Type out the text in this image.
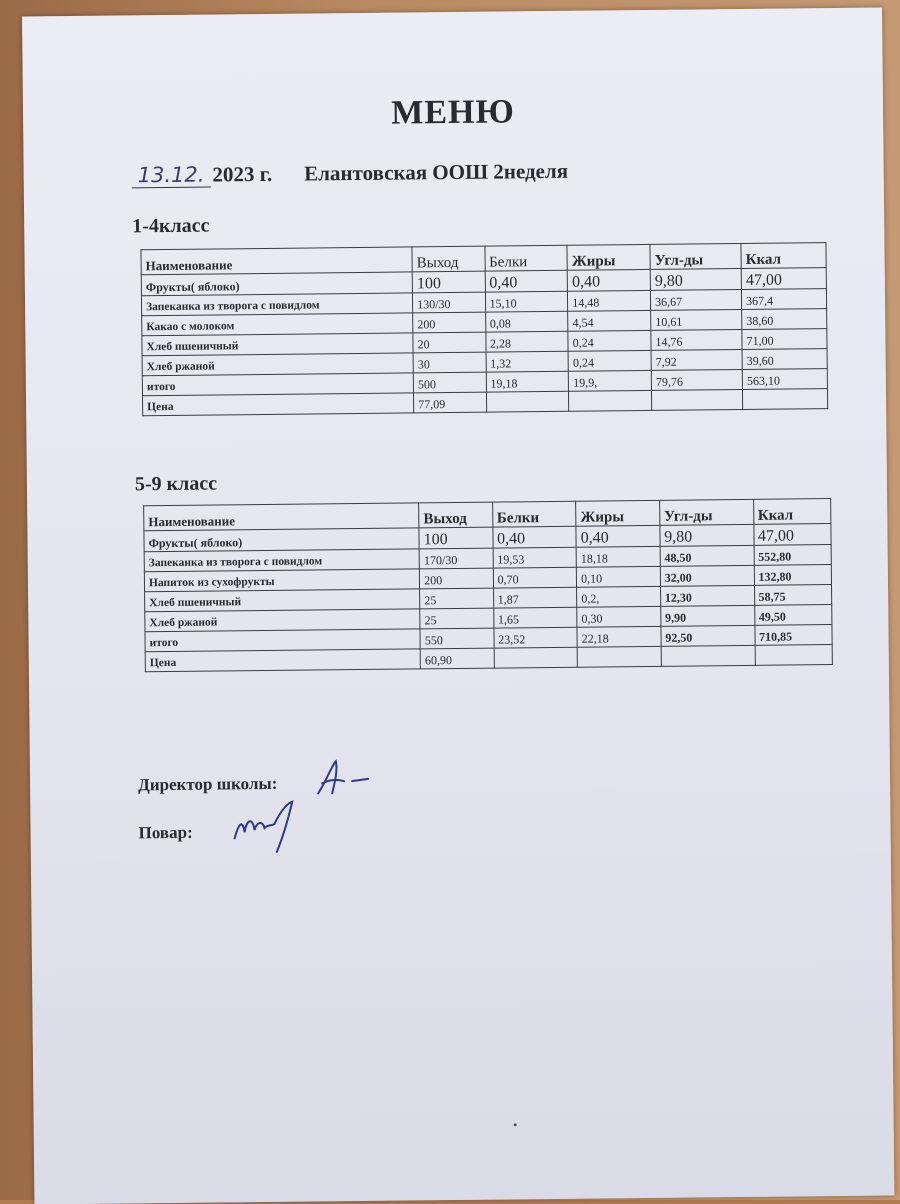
МЕНЮ
13.12. 2023 г. Елантовская ООШ 2неделя
1-4класс
Наименование	Выход	Белки	Жиры	Угл-ды	Ккал
Фрукты( яблоко)	100	0,40	0,40	9,80	47,00
Запеканка из творога с повидлом	130/30	15,10	14,48	36,67	367,4
Какао с молоком	200	0,08	4,54	10,61	38,60
Хлеб пшеничный	20	2,28	0,24	14,76	71,00
Хлеб ржаной	30	1,32	0,24	7,92	39,60
итого	500	19,18	19,9,	79,76	563,10
Цена	77,09				
5-9 класс
Наименование	Выход	Белки	Жиры	Угл-ды	Ккал
Фрукты( яблоко)	100	0,40	0,40	9,80	47,00
Запеканка из творога с повидлом	170/30	19,53	18,18	48,50	552,80
Напиток из сухофрукты	200	0,70	0,10	32,00	132,80
Хлеб пшеничный	25	1,87	0,2,	12,30	58,75
Хлеб ржаной	25	1,65	0,30	9,90	49,50
итого	550	23,52	22,18	92,50	710,85
Цена	60,90				
Директор школы:
Повар:
